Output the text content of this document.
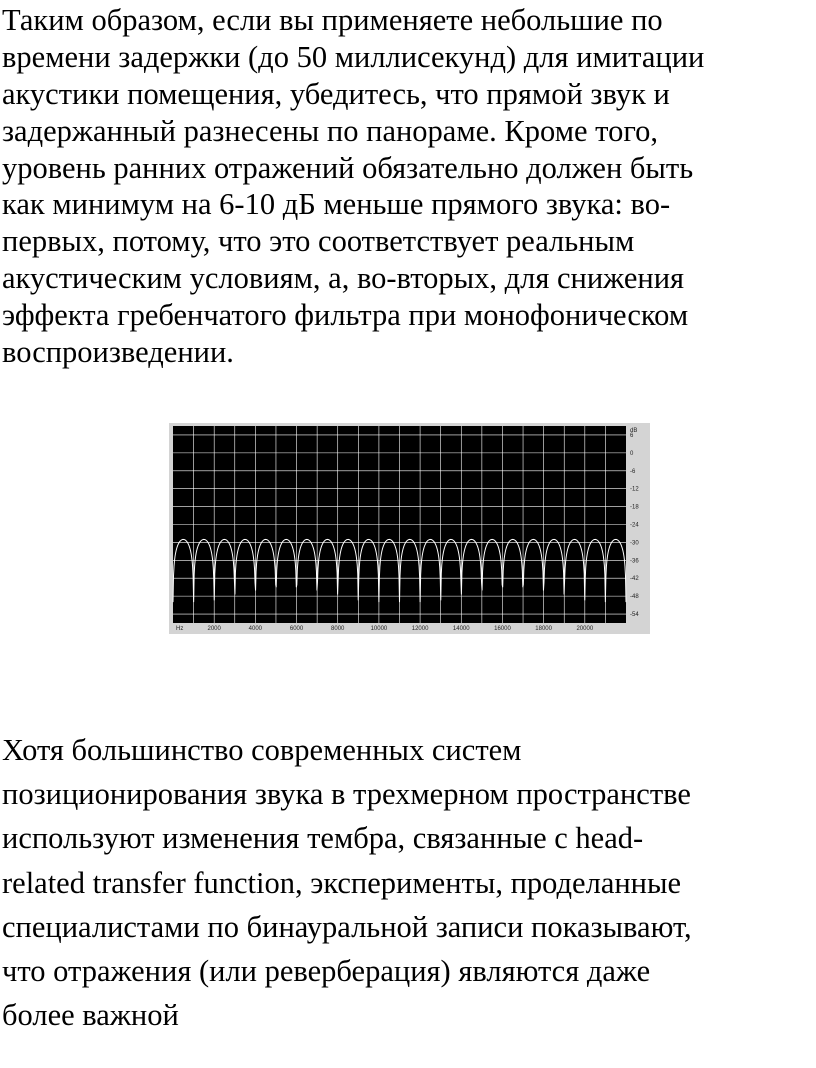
Таким образом, если вы применяете небольшие по
времени задержки (до 50 миллисекунд) для имитации
акустики помещения, убедитесь, что прямой звук и
задержанный разнесены по панораме. Кроме того,
уровень ранних отражений обязательно должен быть
как минимум на 6-10 дБ меньше прямого звука: во-
первых, потому, что это соответствует реальным
акустическим условиям, а, во-вторых, для снижения
эффекта гребенчатого фильтра при монофоническом
воспроизведении.
6
0
-6
-12
-18
-24
-30
-36
-42
-48
-54
2000	4000	6000	8000	10000	12000	14000	16000	18000	20000
dB
Hz
Хотя большинство современных систем
позиционирования звука в трехмерном пространстве
используют изменения тембра, связанные с head-
related transfer function, эксперименты, проделанные
специалистами по бинауральной записи показывают,
что отражения (или реверберация) являются даже
более важной
